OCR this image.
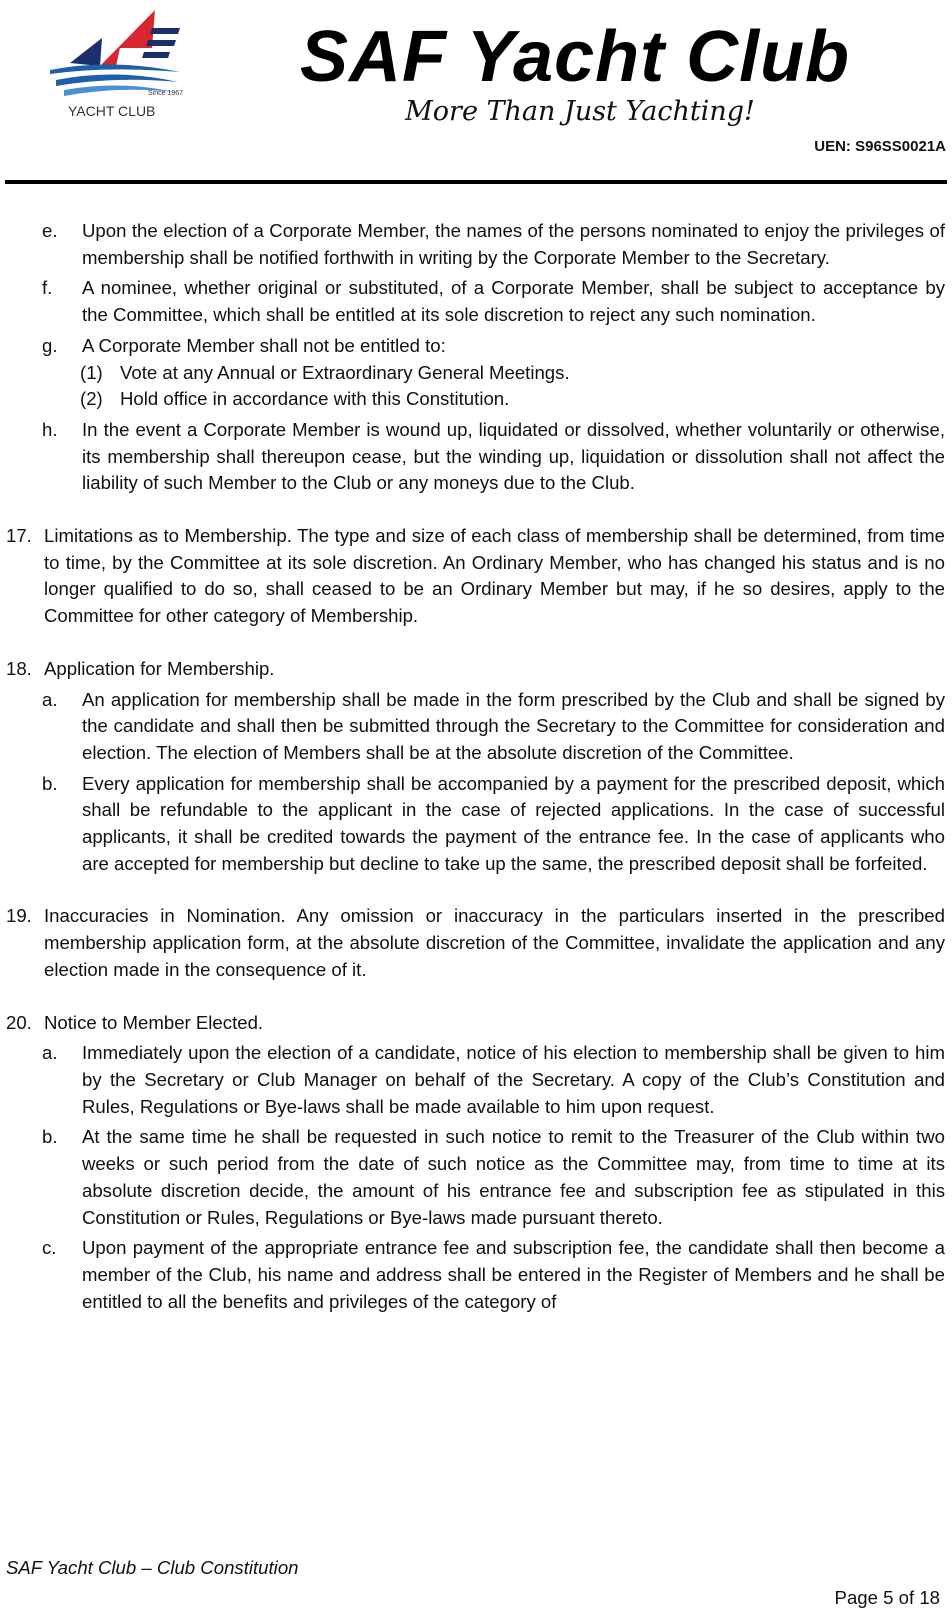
Since 1967
YACHT CLUB
SAF Yacht Club
More Than Just Yachting!
UEN: S96SS0021A
e. Upon the election of a Corporate Member, the names of the persons nominated to enjoy the privileges of membership shall be notified forthwith in writing by the Corporate Member to the Secretary.
f. A nominee, whether original or substituted, of a Corporate Member, shall be subject to acceptance by the Committee, which shall be entitled at its sole discretion to reject any such nomination.
g. A Corporate Member shall not be entitled to:
(1) Vote at any Annual or Extraordinary General Meetings.
(2) Hold office in accordance with this Constitution.
h. In the event a Corporate Member is wound up, liquidated or dissolved, whether voluntarily or otherwise, its membership shall thereupon cease, but the winding up, liquidation or dissolution shall not affect the liability of such Member to the Club or any moneys due to the Club.
17. Limitations as to Membership. The type and size of each class of membership shall be determined, from time to time, by the Committee at its sole discretion. An Ordinary Member, who has changed his status and is no longer qualified to do so, shall ceased to be an Ordinary Member but may, if he so desires, apply to the Committee for other category of Membership.
18. Application for Membership.
a. An application for membership shall be made in the form prescribed by the Club and shall be signed by the candidate and shall then be submitted through the Secretary to the Committee for consideration and election. The election of Members shall be at the absolute discretion of the Committee.
b. Every application for membership shall be accompanied by a payment for the prescribed deposit, which shall be refundable to the applicant in the case of rejected applications. In the case of successful applicants, it shall be credited towards the payment of the entrance fee. In the case of applicants who are accepted for membership but decline to take up the same, the prescribed deposit shall be forfeited.
19. Inaccuracies in Nomination. Any omission or inaccuracy in the particulars inserted in the prescribed membership application form, at the absolute discretion of the Committee, invalidate the application and any election made in the consequence of it.
20. Notice to Member Elected.
a. Immediately upon the election of a candidate, notice of his election to membership shall be given to him by the Secretary or Club Manager on behalf of the Secretary. A copy of the Club’s Constitution and Rules, Regulations or Bye-laws shall be made available to him upon request.
b. At the same time he shall be requested in such notice to remit to the Treasurer of the Club within two weeks or such period from the date of such notice as the Committee may, from time to time at its absolute discretion decide, the amount of his entrance fee and subscription fee as stipulated in this Constitution or Rules, Regulations or Bye-laws made pursuant thereto.
c. Upon payment of the appropriate entrance fee and subscription fee, the candidate shall then become a member of the Club, his name and address shall be entered in the Register of Members and he shall be entitled to all the benefits and privileges of the category of
SAF Yacht Club – Club Constitution
Page 5 of 18
